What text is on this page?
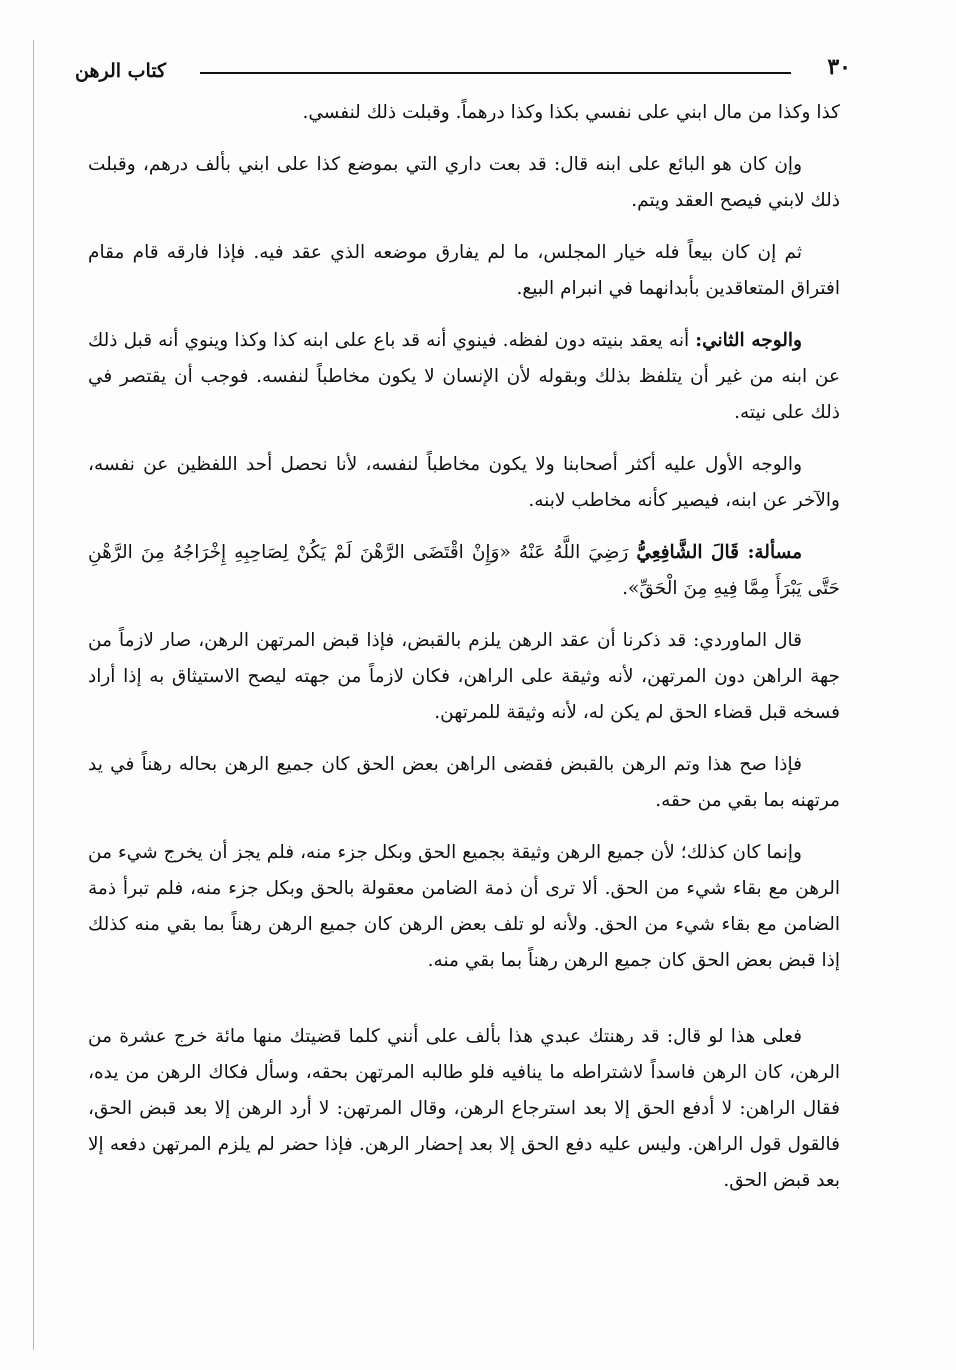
٣٠
كتاب الرهن

كذا وكذا من مال ابني على نفسي بكذا وكذا درهماً. وقبلت ذلك لنفسي.

وإن كان هو البائع على ابنه قال: قد بعت داري التي بموضع كذا على ابني بألف درهم، وقبلت ذلك لابني فيصح العقد ويتم.

ثم إن كان بيعاً فله خيار المجلس، ما لم يفارق موضعه الذي عقد فيه. فإذا فارقه قام مقام افتراق المتعاقدين بأبدانهما في انبرام البيع.

والوجه الثاني: أنه يعقد بنيته دون لفظه. فينوي أنه قد باع على ابنه كذا وكذا وينوي أنه قبل ذلك عن ابنه من غير أن يتلفظ بذلك وبقوله لأن الإنسان لا يكون مخاطباً لنفسه. فوجب أن يقتصر في ذلك على نيته.

والوجه الأول عليه أكثر أصحابنا ولا يكون مخاطباً لنفسه، لأنا نحصل أحد اللفظين عن نفسه، والآخر عن ابنه، فيصير كأنه مخاطب لابنه.

مسألة: قَالَ الشَّافِعِيُّ رَضِيَ اللَّهُ عَنْهُ «وَإِنْ اقْتَضَى الرَّهْنَ لَمْ يَكُنْ لِصَاحِبِهِ إِخْرَاجُهُ مِنَ الرَّهْنِ حَتَّى يَبْرَأَ مِمَّا فِيهِ مِنَ الْحَقِّ».

قال الماوردي: قد ذكرنا أن عقد الرهن يلزم بالقبض، فإذا قبض المرتهن الرهن، صار لازماً من جهة الراهن دون المرتهن، لأنه وثيقة على الراهن، فكان لازماً من جهته ليصح الاستيثاق به إذا أراد فسخه قبل قضاء الحق لم يكن له، لأنه وثيقة للمرتهن.

فإذا صح هذا وتم الرهن بالقبض فقضى الراهن بعض الحق كان جميع الرهن بحاله رهناً في يد مرتهنه بما بقي من حقه.

وإنما كان كذلك؛ لأن جميع الرهن وثيقة بجميع الحق وبكل جزء منه، فلم يجز أن يخرج شيء من الرهن مع بقاء شيء من الحق. ألا ترى أن ذمة الضامن معقولة بالحق وبكل جزء منه، فلم تبرأ ذمة الضامن مع بقاء شيء من الحق. ولأنه لو تلف بعض الرهن كان جميع الرهن رهناً بما بقي منه كذلك إذا قبض بعض الحق كان جميع الرهن رهناً بما بقي منه.

فعلى هذا لو قال: قد رهنتك عبدي هذا بألف على أنني كلما قضيتك منها مائة خرج عشرة من الرهن، كان الرهن فاسداً لاشتراطه ما ينافيه فلو طالبه المرتهن بحقه، وسأل فكاك الرهن من يده، فقال الراهن: لا أدفع الحق إلا بعد استرجاع الرهن، وقال المرتهن: لا أرد الرهن إلا بعد قبض الحق، فالقول قول الراهن. وليس عليه دفع الحق إلا بعد إحضار الرهن. فإذا حضر لم يلزم المرتهن دفعه إلا بعد قبض الحق.
